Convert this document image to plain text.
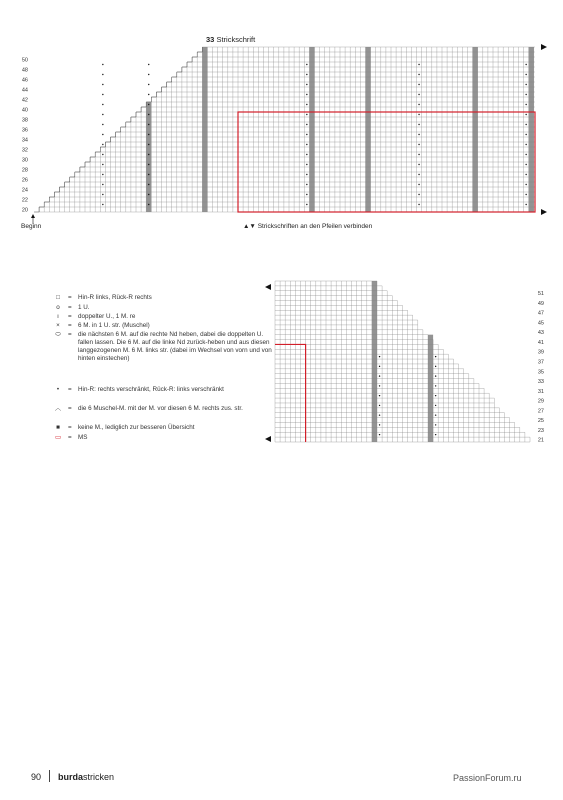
33 Strickschrift
20
22
24
26
28
30
32
34
36
38
40
42
44
46
48
50
Beginn	▲▼ Strickschriften an den Pfeilen verbinden
□	= Hin-R links, Rück-R rechts
o	= 1 U.
ı	= doppelter U., 1 M. re
×	= 6 M. in 1 U. str. (Muschel)
⬭	= die nächsten 6 M. auf die rechte Nd heben, dabei die doppelten U. fallen lassen. Die 6 M. auf die linke Nd zurück-heben und aus diesen langgezogenen M. 6 M. links str. (dabei im Wechsel von vorn und von hinten einstechen)
•	= Hin-R: rechts verschränkt, Rück-R: links verschränkt
︿	= die 6 Muschel-M. mit der M. vor diesen 6 M. rechts zus. str.
■	= keine M., lediglich zur besseren Übersicht
▭	= MS	21
23
25
27
29
31
33
35
37
39
41
43
45
47
49
51
90 burdastricken	PassionForum.ru
